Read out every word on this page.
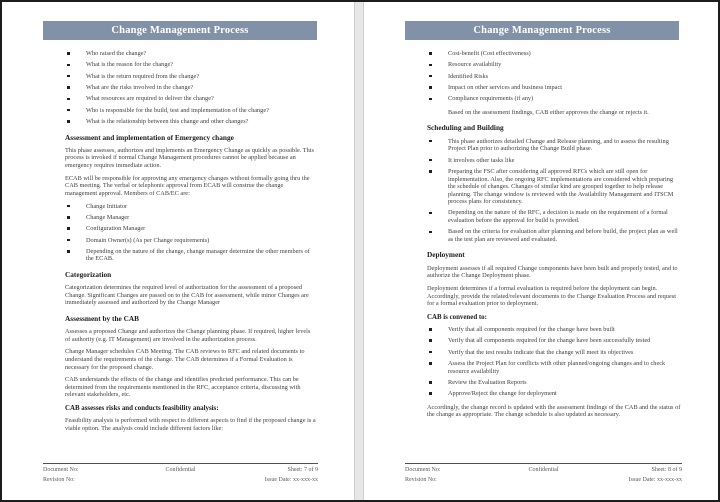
Change Management Process
Who raised the change?
What is the reason for the change?
What is the return required from the change?
What are the risks involved in the change?
What resources are required to deliver the change?
Who is responsible for the build, test and implementation of the change?
What is the relationship between this change and other changes?
Assessment and implementation of Emergency change

This phase assesses, authorizes and implements an Emergency Change as quickly as possible. This process is invoked if normal Change Management procedures cannot be applied because an emergency requires immediate action.

ECAB will be responsible for approving any emergency changes without formally going thru the CAB meeting. The verbal or telephonic approval from ECAB will construe the change management approval. Members of CAB/EC are:

Change Initiator
Change Manager
Configuration Manager
Domain Owner(s) (As per Change requirements)
Depending on the nature of the change, change manager determine the other members of the ECAB.
Categorization

Categorization determines the required level of authorization for the assessment of a proposed Change. Significant Changes are passed on to the CAB for assessment, while minor Changes are immediately assessed and authorized by the Change Manager

Assessment by the CAB

Assesses a proposed Change and authorizes the Change planning phase. If required, higher levels of authority (e.g. IT Management) are involved in the authorization process.

Change Manager schedules CAB Meeting. The CAB reviews to RFC and related documents to understand the requirements of the change. The CAB determines if a Formal Evaluation is necessary for the proposed change.

CAB understands the effects of the change and identifies predicted performance. This can be determined from the requirements mentioned in the RFC, acceptance criteria, discussing with relevant stakeholders, etc.

CAB assesses risks and conducts feasibility analysis:

Feasibility analysis is performed with respect to different aspects to find if the proposed change is a viable option. The analysis could include different factors like:

Document No:
Revision No:
Confidential	Sheet: 7 of 9
Issue Date: xx-xxx-xx
Change Management Process
Cost-benefit (Cost effectiveness)
Resource availability
Identified Risks
Impact on other services and business impact
Compliance requirements (if any)

Based on the assessment findings, CAB either approves the change or rejects it.

Scheduling and Building
This phase authorizes detailed Change and Release planning, and to assess the resulting Project Plan prior to authorizing the Change Build phase.
It involves other tasks like
Preparing the FSC after considering all approved RFCs which are still open for implementation. Also, the ongoing RFC implementations are considered which preparing the schedule of changes. Changes of similar kind are grouped together to help release planning. The change window is reviewed with the Availability Management and ITSCM process plans for consistency.
Depending on the nature of the RFC, a decision is made on the requirement of a formal evaluation before the approval for build is provided.
Based on the criteria for evaluation after planning and before build, the project plan as well as the test plan are reviewed and evaluated.
Deployment

Deployment assesses if all required Change components have been built and properly tested, and to authorize the Change Deployment phase.

Deployment determines if a formal evaluation is required before the deployment can begin. Accordingly, provide the related/relevant documents to the Change Evaluation Process and request for a formal evaluation prior to deployment.

CAB is convened to:
Verify that all components required for the change have been built
Verify that all components required for the change have been successfully tested
Verify that the test results indicate that the change will meet its objectives
Assess the Project Plan for conflicts with other planned/ongoing changes and to check resource availability
Review the Evaluation Reports
Approve/Reject the change for deployment

Accordingly, the change record is updated with the assessment findings of the CAB and the status of the change as appropriate. The change schedule is also updated as necessary.

Document No:
Revision No:
Confidential	Sheet: 8 of 9
Issue Date: xx-xxx-xx
